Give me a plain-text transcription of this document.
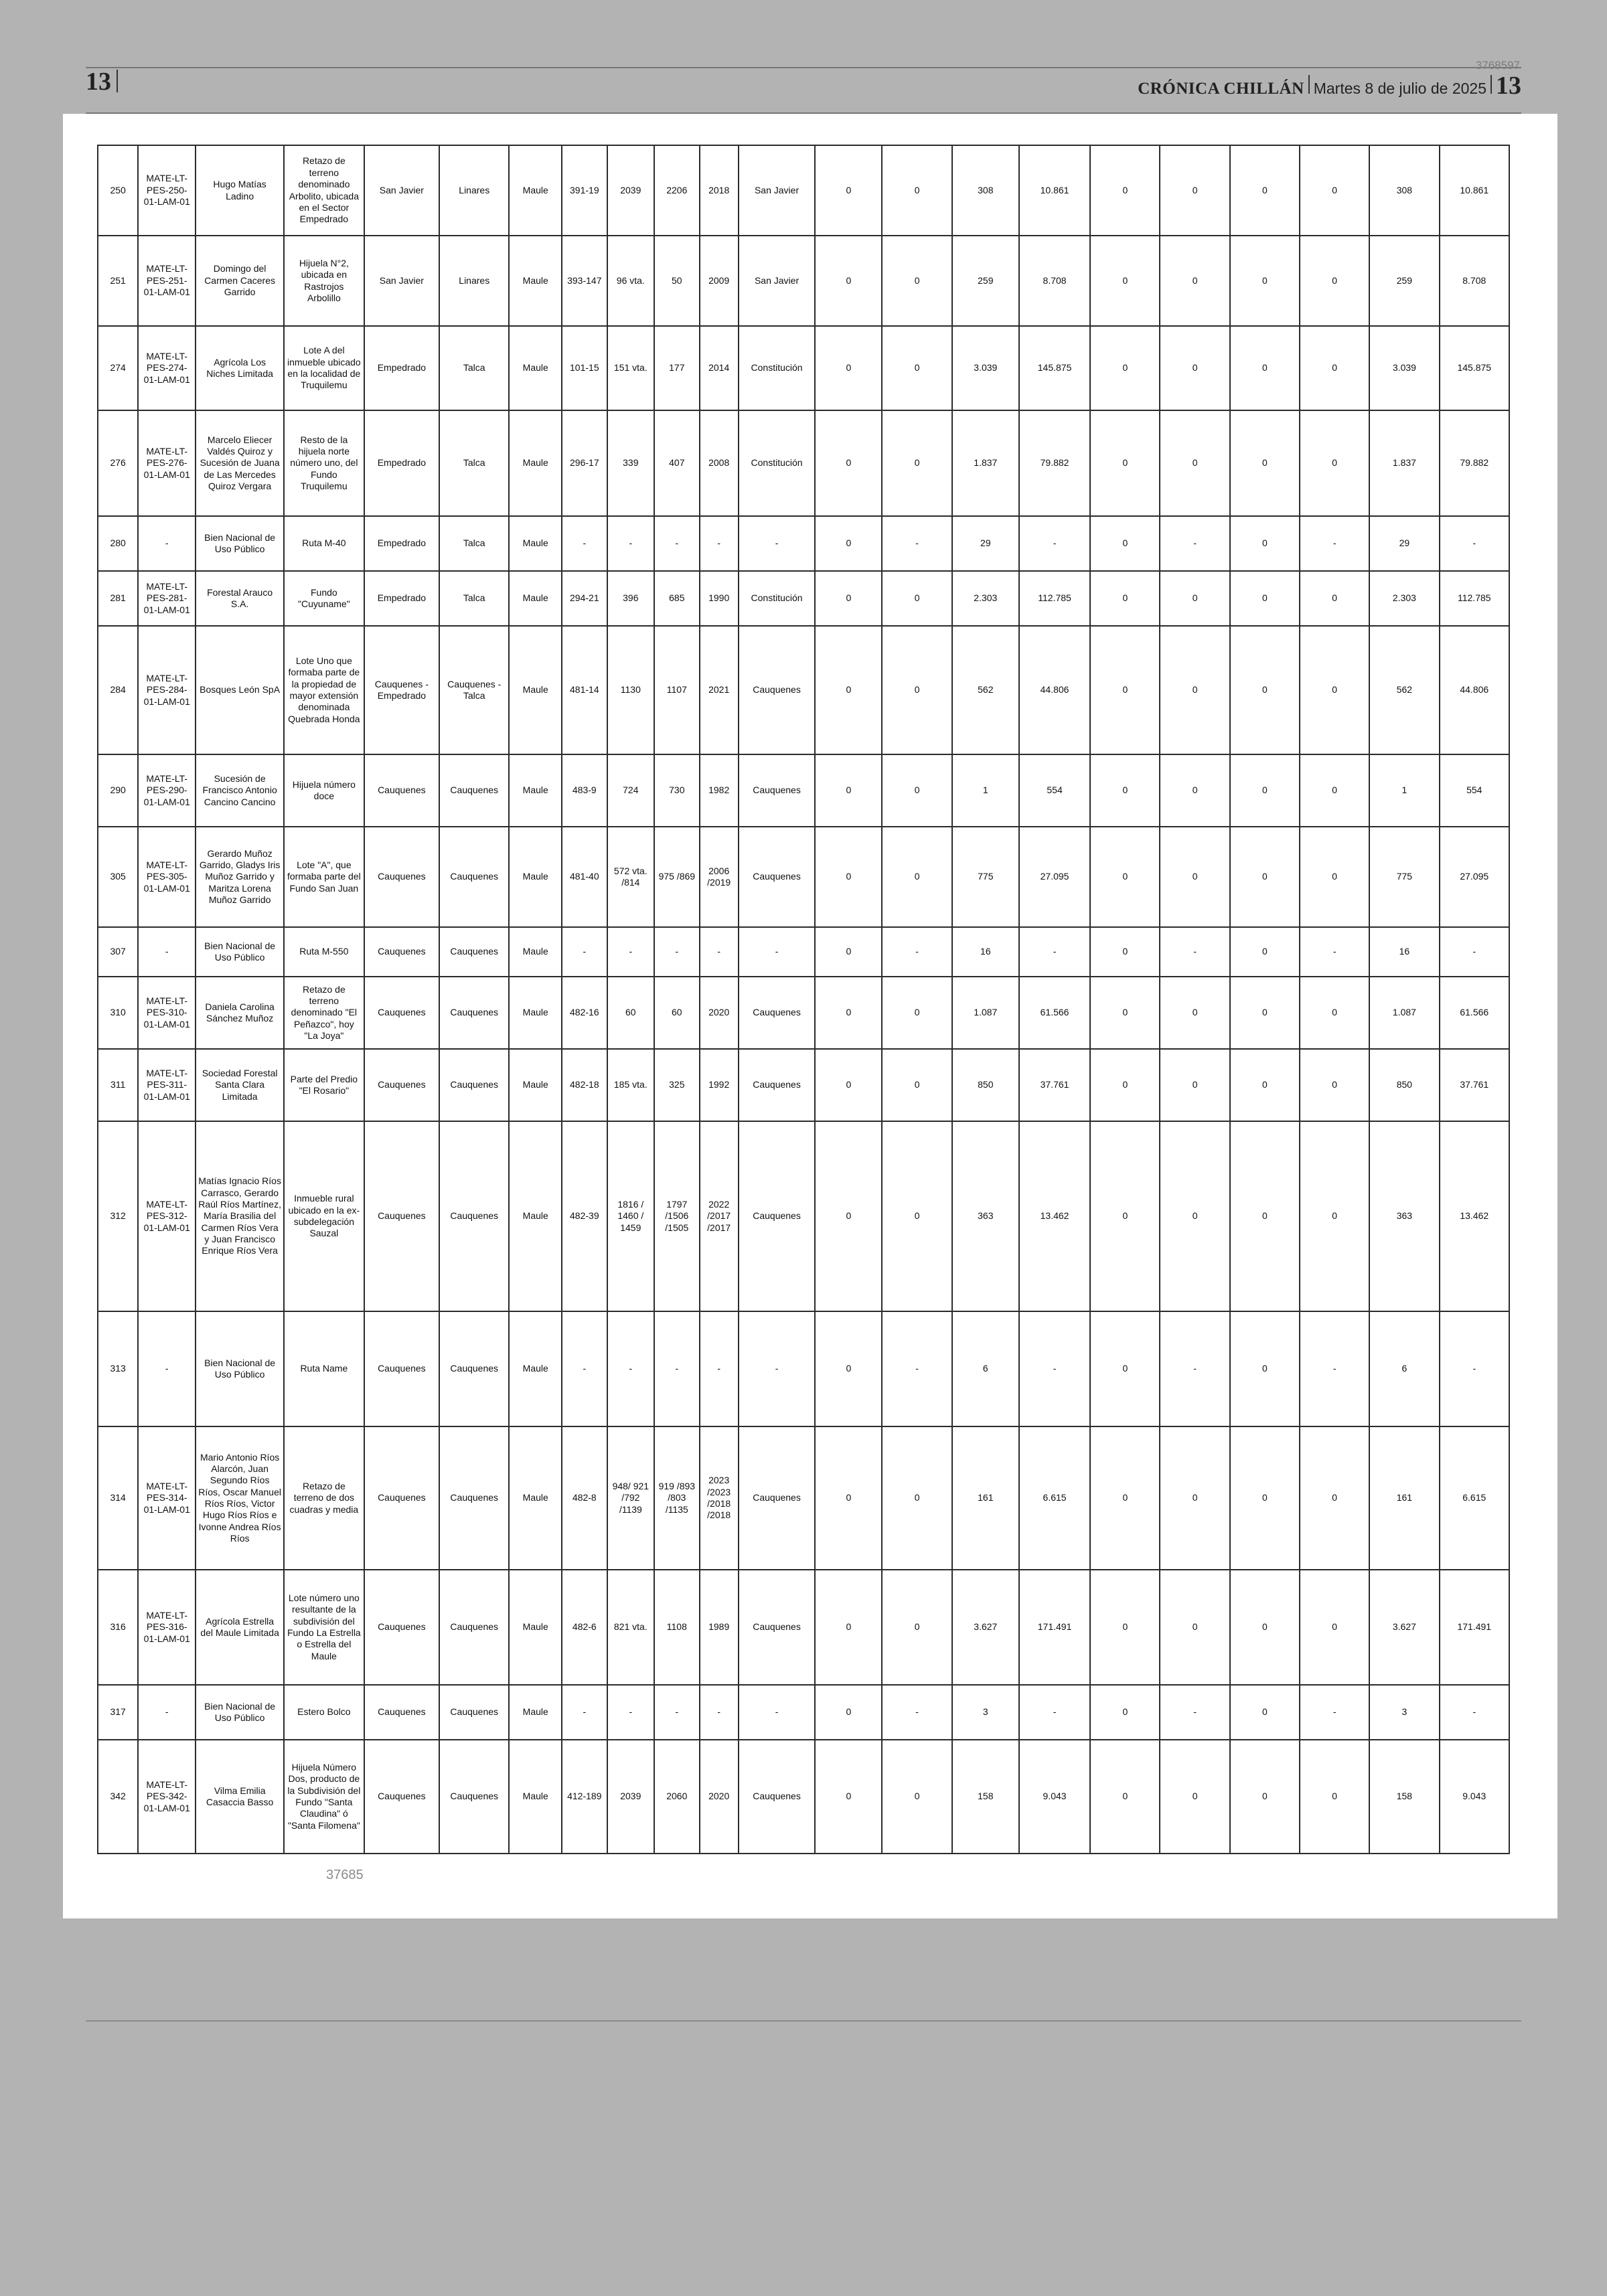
3768597
13	CRÓNICA CHILLÁN Martes 8 de julio de 2025 13
250	MATE-LT-PES-250-01-LAM-01	Hugo Matías Ladino	Retazo de terreno denominado Arbolito, ubicada en el Sector Empedrado	San Javier	Linares	Maule	391-19	2039	2206	2018	San Javier	0	0	308	10.861	0	0	0	0	308	10.861
251	MATE-LT-PES-251-01-LAM-01	Domingo del Carmen Caceres Garrido	Hijuela N°2, ubicada en Rastrojos Arbolillo	San Javier	Linares	Maule	393-147	96 vta.	50	2009	San Javier	0	0	259	8.708	0	0	0	0	259	8.708
274	MATE-LT-PES-274-01-LAM-01	Agrícola Los Niches Limitada	Lote A del inmueble ubicado en la localidad de Truquilemu	Empedrado	Talca	Maule	101-15	151 vta.	177	2014	Constitución	0	0	3.039	145.875	0	0	0	0	3.039	145.875
276	MATE-LT-PES-276-01-LAM-01	Marcelo Eliecer Valdés Quiroz y Sucesión de Juana de Las Mercedes Quiroz Vergara	Resto de la hijuela norte número uno, del Fundo Truquilemu	Empedrado	Talca	Maule	296-17	339	407	2008	Constitución	0	0	1.837	79.882	0	0	0	0	1.837	79.882
280	-	Bien Nacional de Uso Público	Ruta M-40	Empedrado	Talca	Maule	-	-	-	-	-	0	-	29	-	0	-	0	-	29	-
281	MATE-LT-PES-281-01-LAM-01	Forestal Arauco S.A.	Fundo "Cuyuname"	Empedrado	Talca	Maule	294-21	396	685	1990	Constitución	0	0	2.303	112.785	0	0	0	0	2.303	112.785
284	MATE-LT-PES-284-01-LAM-01	Bosques León SpA	Lote Uno que formaba parte de la propiedad de mayor extensión denominada Quebrada Honda	Cauquenes - Empedrado	Cauquenes - Talca	Maule	481-14	1130	1107	2021	Cauquenes	0	0	562	44.806	0	0	0	0	562	44.806
290	MATE-LT-PES-290-01-LAM-01	Sucesión de Francisco Antonio Cancino Cancino	Hijuela número doce	Cauquenes	Cauquenes	Maule	483-9	724	730	1982	Cauquenes	0	0	1	554	0	0	0	0	1	554
305	MATE-LT-PES-305-01-LAM-01	Gerardo Muñoz Garrido, Gladys Iris Muñoz Garrido y Maritza Lorena Muñoz Garrido	Lote "A", que formaba parte del Fundo San Juan	Cauquenes	Cauquenes	Maule	481-40	572 vta. /814	975 /869	2006 /2019	Cauquenes	0	0	775	27.095	0	0	0	0	775	27.095
307	-	Bien Nacional de Uso Público	Ruta M-550	Cauquenes	Cauquenes	Maule	-	-	-	-	-	0	-	16	-	0	-	0	-	16	-
310	MATE-LT-PES-310-01-LAM-01	Daniela Carolina Sánchez Muñoz	Retazo de terreno denominado "El Peñazco", hoy "La Joya"	Cauquenes	Cauquenes	Maule	482-16	60	60	2020	Cauquenes	0	0	1.087	61.566	0	0	0	0	1.087	61.566
311	MATE-LT-PES-311-01-LAM-01	Sociedad Forestal Santa Clara Limitada	Parte del Predio "El Rosario"	Cauquenes	Cauquenes	Maule	482-18	185 vta.	325	1992	Cauquenes	0	0	850	37.761	0	0	0	0	850	37.761
312	MATE-LT-PES-312-01-LAM-01	Matías Ignacio Ríos Carrasco, Gerardo Raúl Ríos Martínez, María Brasilia del Carmen Ríos Vera y Juan Francisco Enrique Ríos Vera	Inmueble rural ubicado en la ex-subdelegación Sauzal	Cauquenes	Cauquenes	Maule	482-39	1816 / 1460 / 1459	1797 /1506 /1505	2022 /2017 /2017	Cauquenes	0	0	363	13.462	0	0	0	0	363	13.462
313	-	Bien Nacional de Uso Público	Ruta Name	Cauquenes	Cauquenes	Maule	-	-	-	-	-	0	-	6	-	0	-	0	-	6	-
314	MATE-LT-PES-314-01-LAM-01	Mario Antonio Ríos Alarcón, Juan Segundo Ríos Ríos, Oscar Manuel Ríos Ríos, Victor Hugo Ríos Ríos e Ivonne Andrea Ríos Ríos	Retazo de terreno de dos cuadras y media	Cauquenes	Cauquenes	Maule	482-8	948/ 921 /792 /1139	919 /893 /803 /1135	2023 /2023 /2018 /2018	Cauquenes	0	0	161	6.615	0	0	0	0	161	6.615
316	MATE-LT-PES-316-01-LAM-01	Agrícola Estrella del Maule Limitada	Lote número uno resultante de la subdivisión del Fundo La Estrella o Estrella del Maule	Cauquenes	Cauquenes	Maule	482-6	821 vta.	1108	1989	Cauquenes	0	0	3.627	171.491	0	0	0	0	3.627	171.491
317	-	Bien Nacional de Uso Público	Estero Bolco	Cauquenes	Cauquenes	Maule	-	-	-	-	-	0	-	3	-	0	-	0	-	3	-
342	MATE-LT-PES-342-01-LAM-01	Vilma Emilia Casaccia Basso	Hijuela Número Dos, producto de la Subdivisión del Fundo "Santa Claudina" ó "Santa Filomena"	Cauquenes	Cauquenes	Maule	412-189	2039	2060	2020	Cauquenes	0	0	158	9.043	0	0	0	0	158	9.043
37685
